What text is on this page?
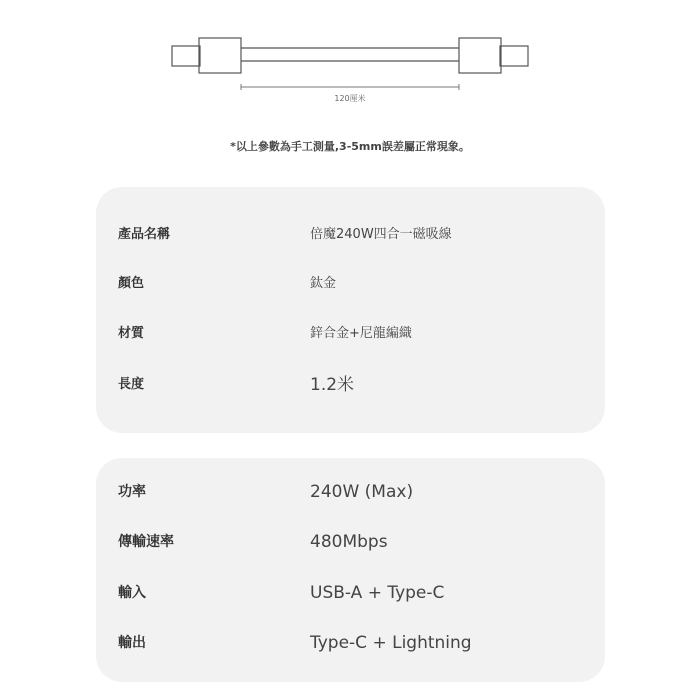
120厘米
*以上參數為手工測量,3-5mm誤差屬正常現象。
產品名稱	倍魔240W四合一磁吸線
顏色	鈦金
材質	鋅合金+尼龍編織
長度	1.2米
功率	240W (Max)
傳輸速率	480Mbps
輸入	USB-A + Type-C
輸出	Type-C + Lightning
